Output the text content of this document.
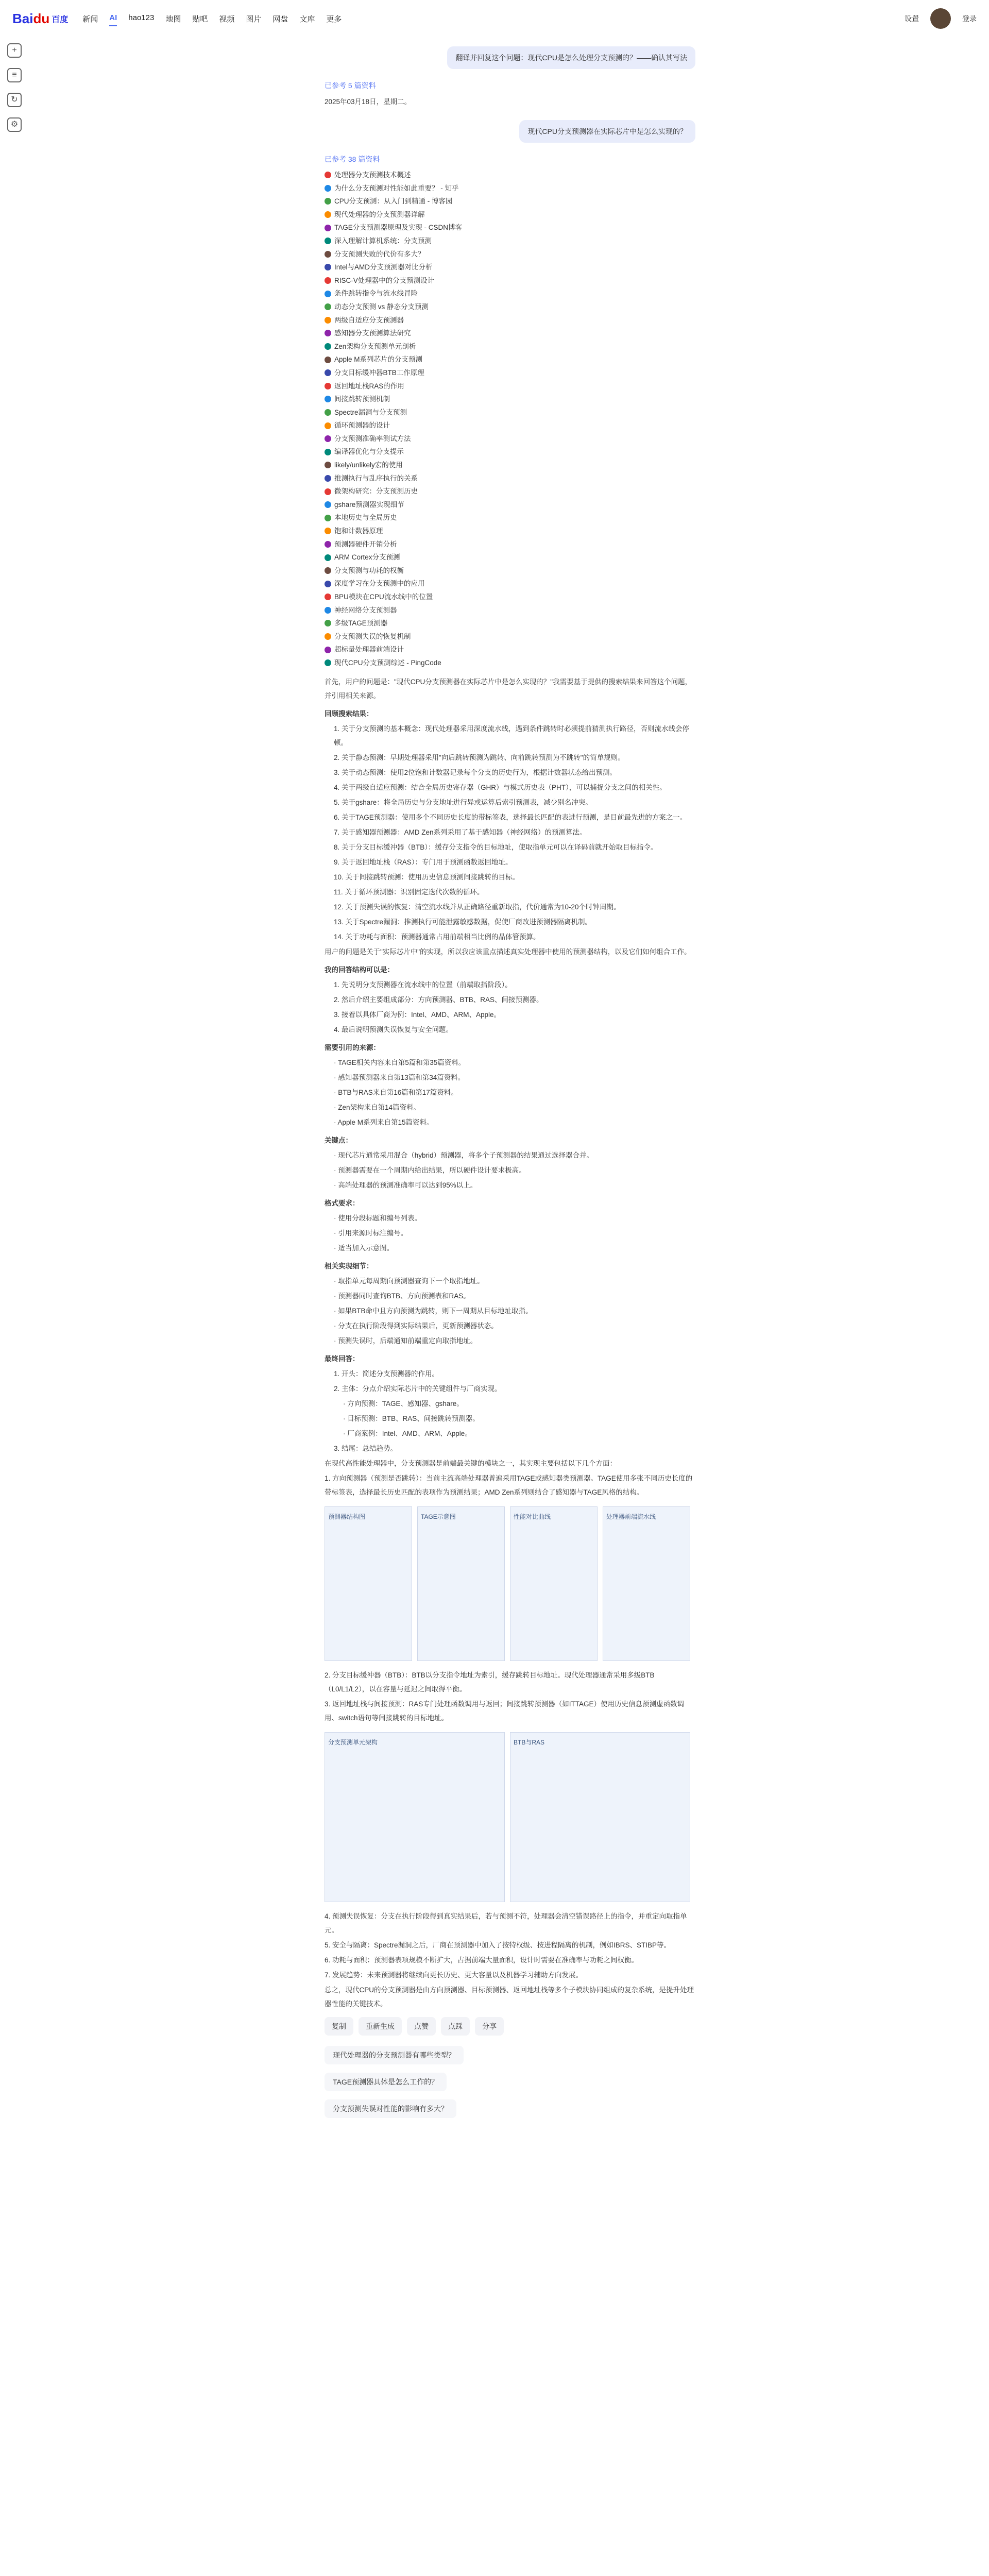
Bai du 百度 新闻 AI hao123 地图 贴吧 视频 图片 网盘 文库 更多	设置	登录
+
≡
↻
⚙
翻译并回复这个问题：现代CPU是怎么处理分支预测的？——确认其写法
已参考 5 篇资料
2025年03月18日，星期二。
现代CPU分支预测器在实际芯片中是怎么实现的？
已参考 38 篇资料
处理器分支预测技术概述
为什么分支预测对性能如此重要？ - 知乎
CPU分支预测：从入门到精通 - 博客园
现代处理器的分支预测器详解
TAGE分支预测器原理及实现 - CSDN博客
深入理解计算机系统：分支预测
分支预测失败的代价有多大？
Intel与AMD分支预测器对比分析
RISC-V处理器中的分支预测设计
条件跳转指令与流水线冒险
动态分支预测 vs 静态分支预测
两级自适应分支预测器
感知器分支预测算法研究
Zen架构分支预测单元剖析
Apple M系列芯片的分支预测
分支目标缓冲器BTB工作原理
返回地址栈RAS的作用
间接跳转预测机制
Spectre漏洞与分支预测
循环预测器的设计
分支预测准确率测试方法
编译器优化与分支提示
likely/unlikely宏的使用
推测执行与乱序执行的关系
微架构研究：分支预测历史
gshare预测器实现细节
本地历史与全局历史
饱和计数器原理
预测器硬件开销分析
ARM Cortex分支预测
分支预测与功耗的权衡
深度学习在分支预测中的应用
BPU模块在CPU流水线中的位置
神经网络分支预测器
多级TAGE预测器
分支预测失误的恢复机制
超标量处理器前端设计
现代CPU分支预测综述 - PingCode

首先，用户的问题是："现代CPU分支预测器在实际芯片中是怎么实现的？"我需要基于提供的搜索结果来回答这个问题，并引用相关来源。

回顾搜索结果：

1. 关于分支预测的基本概念：现代处理器采用深度流水线，遇到条件跳转时必须提前猜测执行路径，否则流水线会停顿。

2. 关于静态预测：早期处理器采用"向后跳转预测为跳转、向前跳转预测为不跳转"的简单规则。

3. 关于动态预测：使用2位饱和计数器记录每个分支的历史行为，根据计数器状态给出预测。

4. 关于两级自适应预测：结合全局历史寄存器（GHR）与模式历史表（PHT），可以捕捉分支之间的相关性。

5. 关于gshare：将全局历史与分支地址进行异或运算后索引预测表，减少别名冲突。

6. 关于TAGE预测器：使用多个不同历史长度的带标签表，选择最长匹配的表进行预测，是目前最先进的方案之一。

7. 关于感知器预测器：AMD Zen系列采用了基于感知器（神经网络）的预测算法。

8. 关于分支目标缓冲器（BTB）：缓存分支指令的目标地址，使取指单元可以在译码前就开始取目标指令。

9. 关于返回地址栈（RAS）：专门用于预测函数返回地址。

10. 关于间接跳转预测：使用历史信息预测间接跳转的目标。

11. 关于循环预测器：识别固定迭代次数的循环。

12. 关于预测失误的恢复：清空流水线并从正确路径重新取指，代价通常为10-20个时钟周期。

13. 关于Spectre漏洞：推测执行可能泄露敏感数据，促使厂商改进预测器隔离机制。

14. 关于功耗与面积：预测器通常占用前端相当比例的晶体管预算。

用户的问题是关于"实际芯片中"的实现，所以我应该重点描述真实处理器中使用的预测器结构，以及它们如何组合工作。

我的回答结构可以是：

1. 先说明分支预测器在流水线中的位置（前端取指阶段）。

2. 然后介绍主要组成部分：方向预测器、BTB、RAS、间接预测器。

3. 接着以具体厂商为例：Intel、AMD、ARM、Apple。

4. 最后说明预测失误恢复与安全问题。

需要引用的来源：

· TAGE相关内容来自第5篇和第35篇资料。

· 感知器预测器来自第13篇和第34篇资料。

· BTB与RAS来自第16篇和第17篇资料。

· Zen架构来自第14篇资料。

· Apple M系列来自第15篇资料。

关键点：

· 现代芯片通常采用混合（hybrid）预测器，将多个子预测器的结果通过选择器合并。

· 预测器需要在一个周期内给出结果，所以硬件设计要求极高。

· 高端处理器的预测准确率可以达到95%以上。

格式要求：

· 使用分段标题和编号列表。

· 引用来源时标注编号。

· 适当加入示意图。

相关实现细节：

· 取指单元每周期向预测器查询下一个取指地址。

· 预测器同时查询BTB、方向预测表和RAS。

· 如果BTB命中且方向预测为跳转，则下一周期从目标地址取指。

· 分支在执行阶段得到实际结果后，更新预测器状态。

· 预测失误时，后端通知前端重定向取指地址。

最终回答：

1. 开头：简述分支预测器的作用。

2. 主体：分点介绍实际芯片中的关键组件与厂商实现。

· 方向预测：TAGE、感知器、gshare。

· 目标预测：BTB、RAS、间接跳转预测器。

· 厂商案例：Intel、AMD、ARM、Apple。

3. 结尾：总结趋势。

在现代高性能处理器中，分支预测器是前端最关键的模块之一，其实现主要包括以下几个方面：

1. 方向预测器（预测是否跳转）：当前主流高端处理器普遍采用TAGE或感知器类预测器。TAGE使用多张不同历史长度的带标签表，选择最长历史匹配的表项作为预测结果；AMD Zen系列则结合了感知器与TAGE风格的结构。

预测器结构图	TAGE示意图	性能对比曲线	处理器前端流水线

2. 分支目标缓冲器（BTB）：BTB以分支指令地址为索引，缓存跳转目标地址。现代处理器通常采用多级BTB（L0/L1/L2），以在容量与延迟之间取得平衡。

3. 返回地址栈与间接预测：RAS专门处理函数调用与返回；间接跳转预测器（如ITTAGE）使用历史信息预测虚函数调用、switch语句等间接跳转的目标地址。

分支预测单元架构	BTB与RAS

4. 预测失误恢复：分支在执行阶段得到真实结果后，若与预测不符，处理器会清空错误路径上的指令，并重定向取指单元。

5. 安全与隔离：Spectre漏洞之后，厂商在预测器中加入了按特权级、按进程隔离的机制，例如IBRS、STIBP等。

6. 功耗与面积：预测器表项规模不断扩大，占据前端大量面积，设计时需要在准确率与功耗之间权衡。

7. 发展趋势：未来预测器将继续向更长历史、更大容量以及机器学习辅助方向发展。

总之，现代CPU的分支预测器是由方向预测器、目标预测器、返回地址栈等多个子模块协同组成的复杂系统，是提升处理器性能的关键技术。

复制	重新生成	点赞	点踩	分享
现代处理器的分支预测器有哪些类型？
TAGE预测器具体是怎么工作的？
分支预测失误对性能的影响有多大？
